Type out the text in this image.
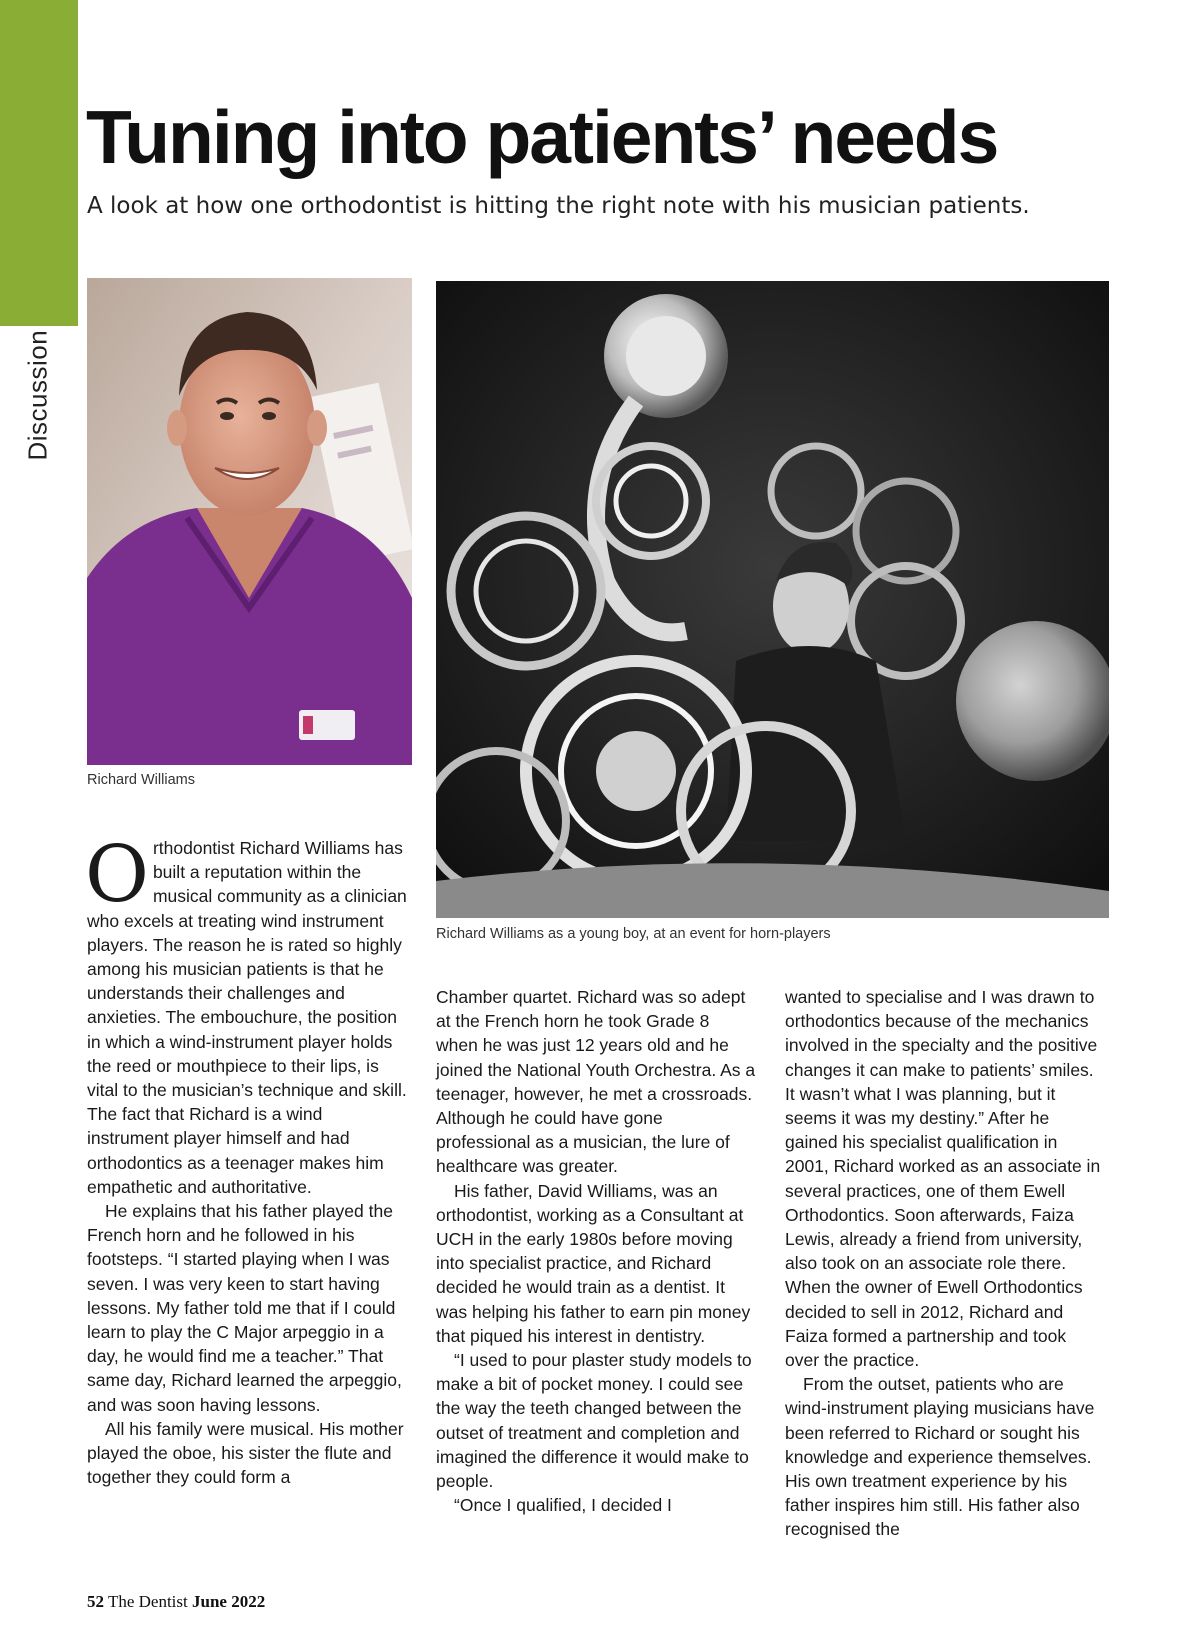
Discussion
Tuning into patients’ needs

A look at how one orthodontist is hitting the right note with his musician patients.

Richard Williams
Richard Williams as a young boy, at an event for horn-players

Orthodontist Richard Williams has built a reputation within the musical community as a clinician who excels at treating wind instrument players. The reason he is rated so highly among his musician patients is that he understands their challenges and anxieties. The embouchure, the position in which a wind-instrument player holds the reed or mouthpiece to their lips, is vital to the musician’s technique and skill. The fact that Richard is a wind instrument player himself and had orthodontics as a teenager makes him empathetic and authoritative.

He explains that his father played the French horn and he followed in his footsteps. “I started playing when I was seven. I was very keen to start having lessons. My father told me that if I could learn to play the C Major arpeggio in a day, he would find me a teacher.” That same day, Richard learned the arpeggio, and was soon having lessons.

All his family were musical. His mother played the oboe, his sister the flute and together they could form a

Chamber quartet. Richard was so adept at the French horn he took Grade 8 when he was just 12 years old and he joined the National Youth Orchestra. As a teenager, however, he met a crossroads. Although he could have gone professional as a musician, the lure of healthcare was greater.

His father, David Williams, was an orthodontist, working as a Consultant at UCH in the early 1980s before moving into specialist practice, and Richard decided he would train as a dentist. It was helping his father to earn pin money that piqued his interest in dentistry.

“I used to pour plaster study models to make a bit of pocket money. I could see the way the teeth changed between the outset of treatment and completion and imagined the difference it would make to people.

“Once I qualified, I decided I

wanted to specialise and I was drawn to orthodontics because of the mechanics involved in the specialty and the positive changes it can make to patients’ smiles. It wasn’t what I was planning, but it seems it was my destiny.” After he gained his specialist qualification in 2001, Richard worked as an associate in several practices, one of them Ewell Orthodontics. Soon afterwards, Faiza Lewis, already a friend from university, also took on an associate role there. When the owner of Ewell Orthodontics decided to sell in 2012, Richard and Faiza formed a partnership and took over the practice.

From the outset, patients who are wind-instrument playing musicians have been referred to Richard or sought his knowledge and experience themselves. His own treatment experience by his father inspires him still. His father also recognised the

52 The Dentist June 2022
